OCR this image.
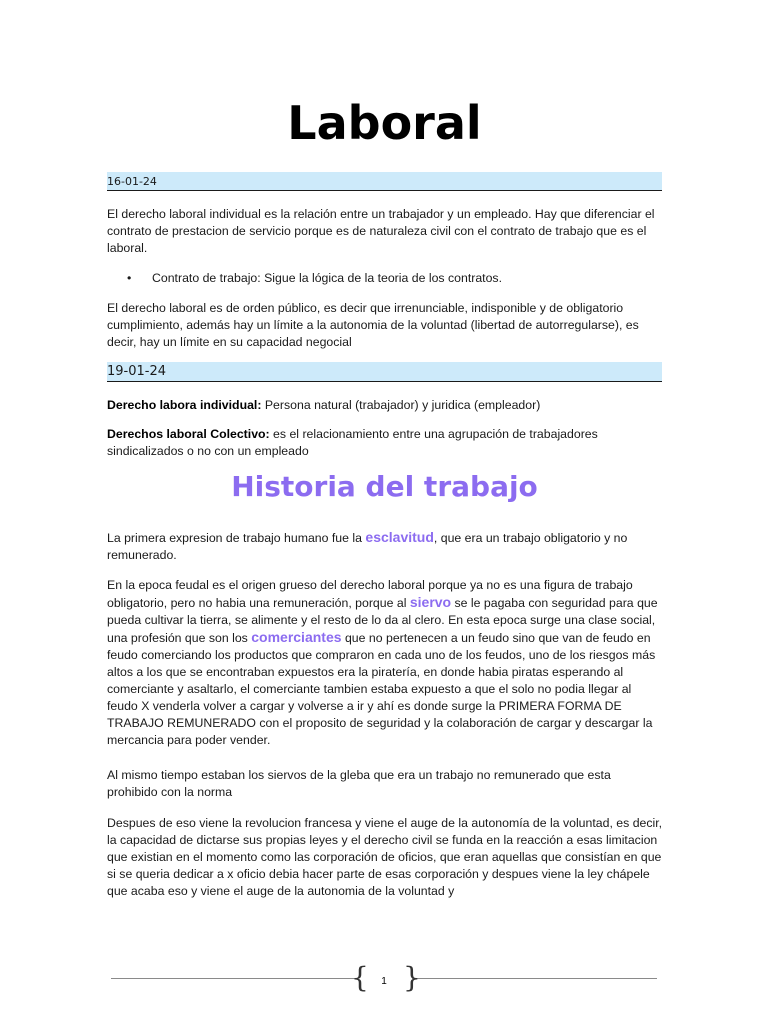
Laboral
16-01-24

El derecho laboral individual es la relación entre un trabajador y un empleado. Hay que diferenciar el contrato de prestacion de servicio porque es de naturaleza civil con el contrato de trabajo que es el laboral.

• Contrato de trabajo: Sigue la lógica de la teoria de los contratos.

El derecho laboral es de orden público, es decir que irrenunciable, indisponible y de obligatorio cumplimiento, además hay un límite a la autonomia de la voluntad (libertad de autorregularse), es decir, hay un límite en su capacidad negocial

19-01-24

Derecho labora individual: Persona natural (trabajador) y juridica (empleador)

Derechos laboral Colectivo: es el relacionamiento entre una agrupación de trabajadores sindicalizados o no con un empleado

Historia del trabajo

La primera expresion de trabajo humano fue la esclavitud, que era un trabajo obligatorio y no remunerado.

En la epoca feudal es el origen grueso del derecho laboral porque ya no es una figura de trabajo obligatorio, pero no habia una remuneración, porque al siervo se le pagaba con seguridad para que pueda cultivar la tierra, se alimente y el resto de lo da al clero. En esta epoca surge una clase social, una profesión que son los comerciantes que no pertenecen a un feudo sino que van de feudo en feudo comerciando los productos que compraron en cada uno de los feudos, uno de los riesgos más altos a los que se encontraban expuestos era la piratería, en donde habia piratas esperando al comerciante y asaltarlo, el comerciante tambien estaba expuesto a que el solo no podia llegar al feudo X venderla volver a cargar y volverse a ir y ahí es donde surge la PRIMERA FORMA DE TRABAJO REMUNERADO con el proposito de seguridad y la colaboración de cargar y descargar la mercancia para poder vender.

Al mismo tiempo estaban los siervos de la gleba que era un trabajo no remunerado que esta prohibido con la norma

Despues de eso viene la revolucion francesa y viene el auge de la autonomía de la voluntad, es decir, la capacidad de dictarse sus propias leyes y el derecho civil se funda en la reacción a esas limitacion que existian en el momento como las corporación de oficios, que eran aquellas que consistían en que si se queria dedicar a x oficio debia hacer parte de esas corporación y despues viene la ley chápele que acaba eso y viene el auge de la autonomia de la voluntad y

{ }
1
